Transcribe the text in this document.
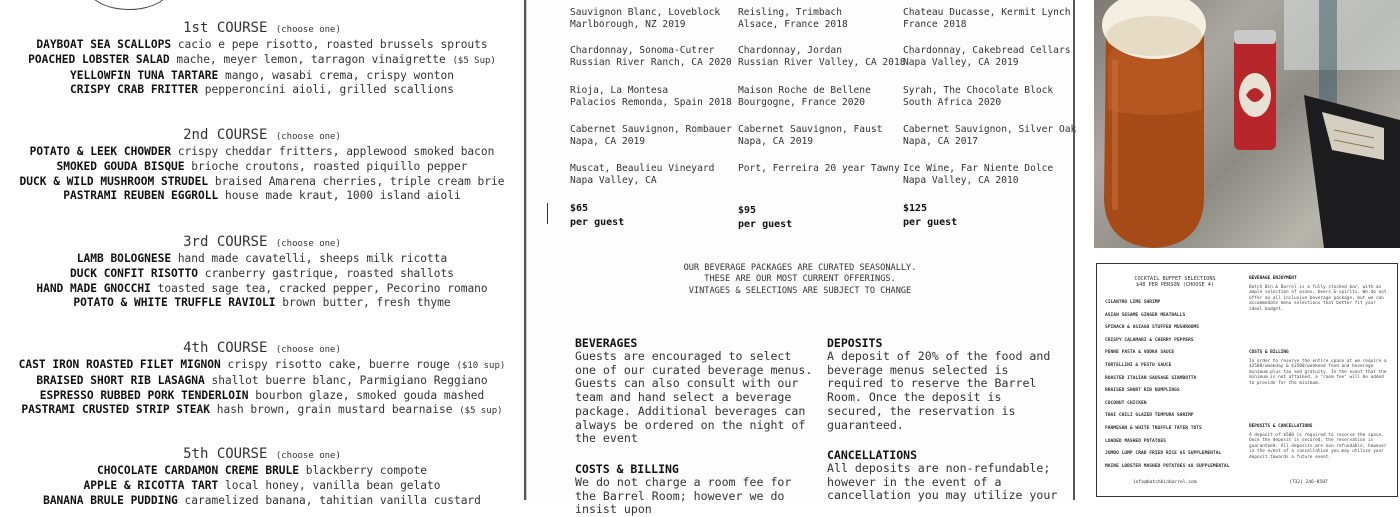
1st COURSE (choose one)
DAYBOAT SEA SCALLOPS cacio e pepe risotto, roasted brussels sprouts
POACHED LOBSTER SALAD mache, meyer lemon, tarragon vinaigrette ($5 Sup)
YELLOWFIN TUNA TARTARE mango, wasabi crema, crispy wonton
CRISPY CRAB FRITTER pepperoncini aioli, grilled scallions
2nd COURSE (choose one)
POTATO & LEEK CHOWDER crispy cheddar fritters, applewood smoked bacon
SMOKED GOUDA BISQUE brioche croutons, roasted piquillo pepper
DUCK & WILD MUSHROOM STRUDEL braised Amarena cherries, triple cream brie
PASTRAMI REUBEN EGGROLL house made kraut, 1000 island aioli
3rd COURSE (choose one)
LAMB BOLOGNESE hand made cavatelli, sheeps milk ricotta
DUCK CONFIT RISOTTO cranberry gastrique, roasted shallots
HAND MADE GNOCCHI toasted sage tea, cracked pepper, Pecorino romano
POTATO & WHITE TRUFFLE RAVIOLI brown butter, fresh thyme
4th COURSE (choose one)
CAST IRON ROASTED FILET MIGNON crispy risotto cake, buerre rouge ($10 sup)
BRAISED SHORT RIB LASAGNA shallot buerre blanc, Parmigiano Reggiano
ESPRESSO RUBBED PORK TENDERLOIN bourbon glaze, smoked gouda mashed
PASTRAMI CRUSTED STRIP STEAK hash brown, grain mustard bearnaise ($5 sup)
5th COURSE (choose one)
CHOCOLATE CARDAMON CREME BRULE blackberry compote
APPLE & RICOTTA TART local honey, vanilla bean gelato
BANANA BRULE PUDDING caramelized banana, tahitian vanilla custard
Sauvignon Blanc, Loveblock
Marlborough, NZ 2019
Chardonnay, Sonoma-Cutrer
Russian River Ranch, CA 2020
Rioja, La Montesa
Palacios Remonda, Spain 2018
Cabernet Sauvignon, Rombauer
Napa, CA 2019
Muscat, Beaulieu Vineyard
Napa Valley, CA
Reisling, Trimbach
Alsace, France 2018
Chardonnay, Jordan
Russian River Valley, CA 2018
Maison Roche de Bellene
Bourgogne, France 2020
Cabernet Sauvignon, Faust
Napa, CA 2019
Port, Ferreira 20 year Tawny
Chateau Ducasse, Kermit Lynch
France 2018
Chardonnay, Cakebread Cellars
Napa Valley, CA 2019
Syrah, The Chocolate Block
South Africa 2020
Cabernet Sauvignon, Silver Oak
Napa, CA 2017
Ice Wine, Far Niente Dolce
Napa Valley, CA 2010
$65
per guest
$95
per guest
$125
per guest
OUR BEVERAGE PACKAGES ARE CURATED SEASONALLY.
THESE ARE OUR MOST CURRENT OFFERINGS.
VINTAGES & SELECTIONS ARE SUBJECT TO CHANGE
BEVERAGES
Guests are encouraged to select one of our curated beverage menus. Guests can also consult with our team and hand select a beverage package. Additional beverages can always be ordered on the night of the event
DEPOSITS
A deposit of 20% of the food and beverage menus selected is required to reserve the Barrel Room. Once the deposit is secured, the reservation is guaranteed.
COSTS & BILLING
We do not charge a room fee for the Barrel Room; however we do insist upon
CANCELLATIONS
All deposits are non-refundable; however in the event of a cancellation you may utilize your
COCKTAIL BUFFET SELECTIONS
$48 PER PERSON (CHOOSE 4)
CILANTRO LIME SHRIMP
ASIAN SESAME GINGER MEATBALLS
SPINACH & ASIAGO STUFFED MUSHROOMS
CRISPY CALAMARI & CHERRY PEPPERS
PENNE PASTA & VODKA SAUCE
TORTELLINI & PESTO SAUCE
ROASTED ITALIAN SAUSAGE GIAMBOTTA
BRAISED SHORT RIB DUMPLINGS
COCONUT CHICKEN
THAI CHILI GLAZED TEMPURA SHRIMP
PARMESAN & WHITE TRUFFLE TATER TOTS
LOADED MASHED POTATOES
JUMBO LUMP CRAB FRIED RICE $5 SUPPLEMENTAL
MAINE LOBSTER MASHED POTATOES $8 SUPPLEMENTAL
info@batchbinbarrel.com	(732) 246-8587
BEVERAGE ENJOYMENT
Batch Bin & Barrel is a fully stocked bar, with an ample selection of wines, beers & spirits. We do not offer an all inclusive beverage package, but we can accommodate menu selections that better fit your ideal budget.
COSTS & BILLING
In order to reserve the entire space at we require a $2500/weekday & $3500/weekend food and beverage minimum plus tax and gratuity. In the event that the minimum is not attained, a "room fee" will be added to provide for the minimum.
DEPOSITS & CANCELLATIONS
A deposit of $500 is required to reserve the space. Once the deposit is secured, the reservation is guaranteed. All deposits are non-refundable, however in the event of a cancellation you may utilize your deposit towards a future event.
